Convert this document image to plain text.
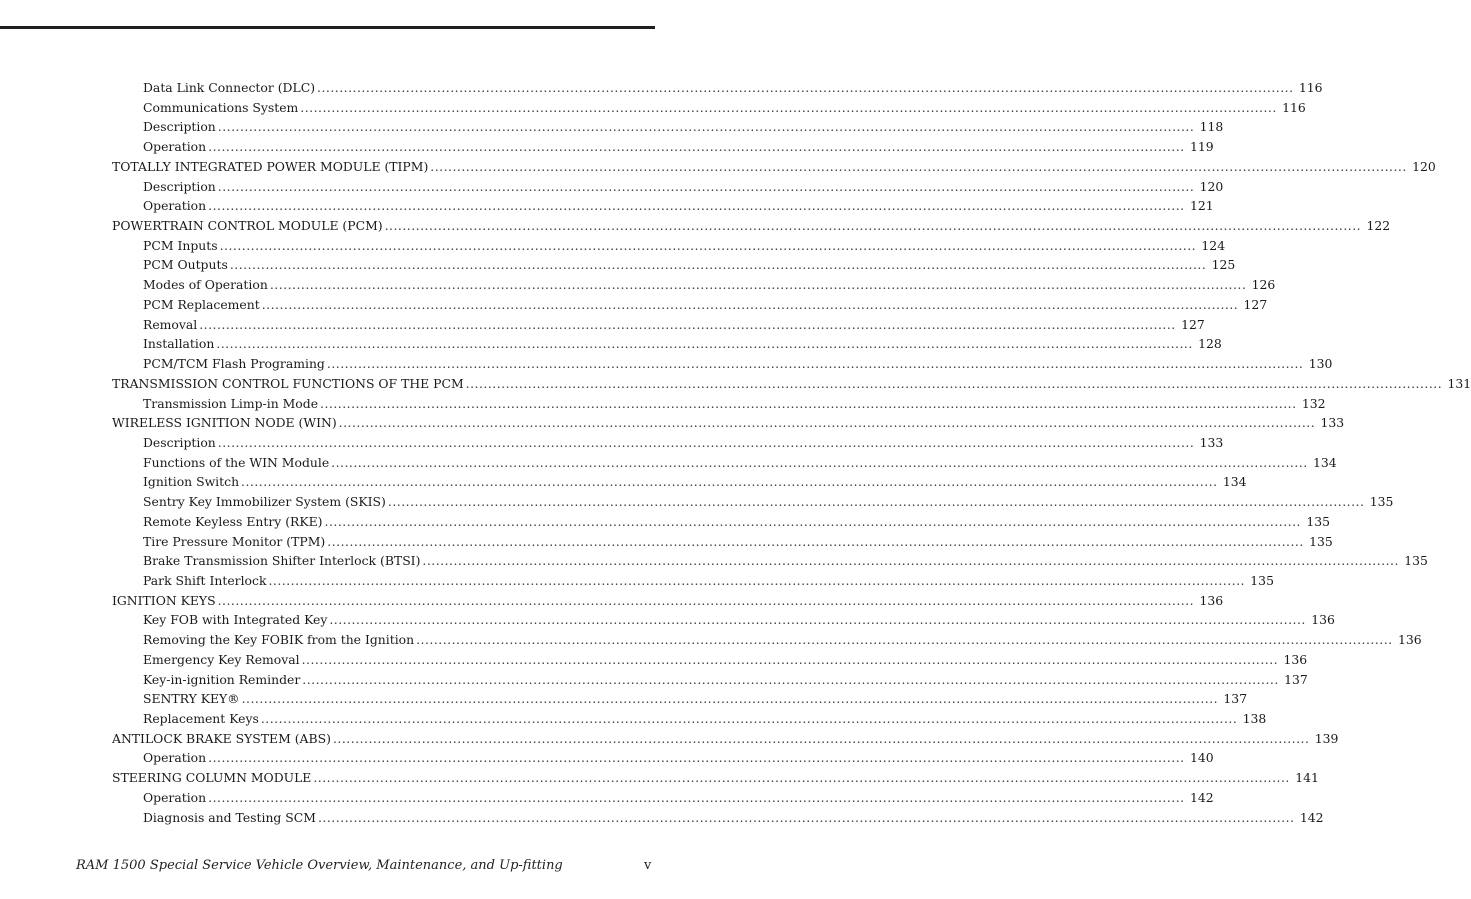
Data Link Connector (DLC) ............................................................................................................................................................................................................................ 116
Communications System ............................................................................................................................................................................................................................ 116
Description ............................................................................................................................................................................................................................ 118
Operation ............................................................................................................................................................................................................................ 119
TOTALLY INTEGRATED POWER MODULE (TIPM) ............................................................................................................................................................................................................................ 120
Description ............................................................................................................................................................................................................................ 120
Operation ............................................................................................................................................................................................................................ 121
POWERTRAIN CONTROL MODULE (PCM) ............................................................................................................................................................................................................................ 122
PCM Inputs ............................................................................................................................................................................................................................ 124
PCM Outputs ............................................................................................................................................................................................................................ 125
Modes of Operation ............................................................................................................................................................................................................................ 126
PCM Replacement ............................................................................................................................................................................................................................ 127
Removal ............................................................................................................................................................................................................................ 127
Installation ............................................................................................................................................................................................................................ 128
PCM/TCM Flash Programing ............................................................................................................................................................................................................................ 130
TRANSMISSION CONTROL FUNCTIONS OF THE PCM ............................................................................................................................................................................................................................ 131
Transmission Limp-in Mode ............................................................................................................................................................................................................................ 132
WIRELESS IGNITION NODE (WIN) ............................................................................................................................................................................................................................ 133
Description ............................................................................................................................................................................................................................ 133
Functions of the WIN Module ............................................................................................................................................................................................................................ 134
Ignition Switch ............................................................................................................................................................................................................................ 134
Sentry Key Immobilizer System (SKIS) ............................................................................................................................................................................................................................ 135
Remote Keyless Entry (RKE) ............................................................................................................................................................................................................................ 135
Tire Pressure Monitor (TPM) ............................................................................................................................................................................................................................ 135
Brake Transmission Shifter Interlock (BTSI) ............................................................................................................................................................................................................................ 135
Park Shift Interlock ............................................................................................................................................................................................................................ 135
IGNITION KEYS ............................................................................................................................................................................................................................ 136
Key FOB with Integrated Key ............................................................................................................................................................................................................................ 136
Removing the Key FOBIK from the Ignition ............................................................................................................................................................................................................................ 136
Emergency Key Removal ............................................................................................................................................................................................................................ 136
Key-in-ignition Reminder ............................................................................................................................................................................................................................ 137
SENTRY KEY® ............................................................................................................................................................................................................................ 137
Replacement Keys ............................................................................................................................................................................................................................ 138
ANTILOCK BRAKE SYSTEM (ABS) ............................................................................................................................................................................................................................ 139
Operation ............................................................................................................................................................................................................................ 140
STEERING COLUMN MODULE ............................................................................................................................................................................................................................ 141
Operation ............................................................................................................................................................................................................................ 142
Diagnosis and Testing SCM ............................................................................................................................................................................................................................ 142
RAM 1500 Special Service Vehicle Overview, Maintenance, and Up-fitting	v
